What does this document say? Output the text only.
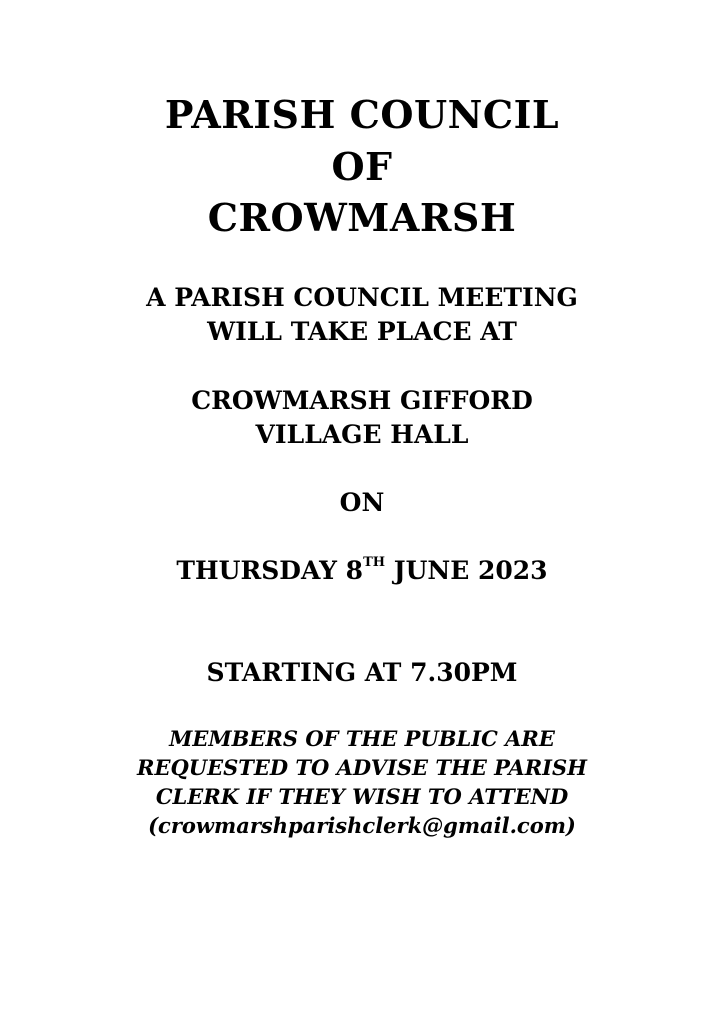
PARISH COUNCIL
OF
CROWMARSH
A PARISH COUNCIL MEETING
WILL TAKE PLACE AT
CROWMARSH GIFFORD
VILLAGE HALL
ON
THURSDAY 8TH JUNE 2023
STARTING AT 7.30PM
MEMBERS OF THE PUBLIC ARE
REQUESTED TO ADVISE THE PARISH
CLERK IF THEY WISH TO ATTEND
(crowmarshparishclerk@gmail.com)
